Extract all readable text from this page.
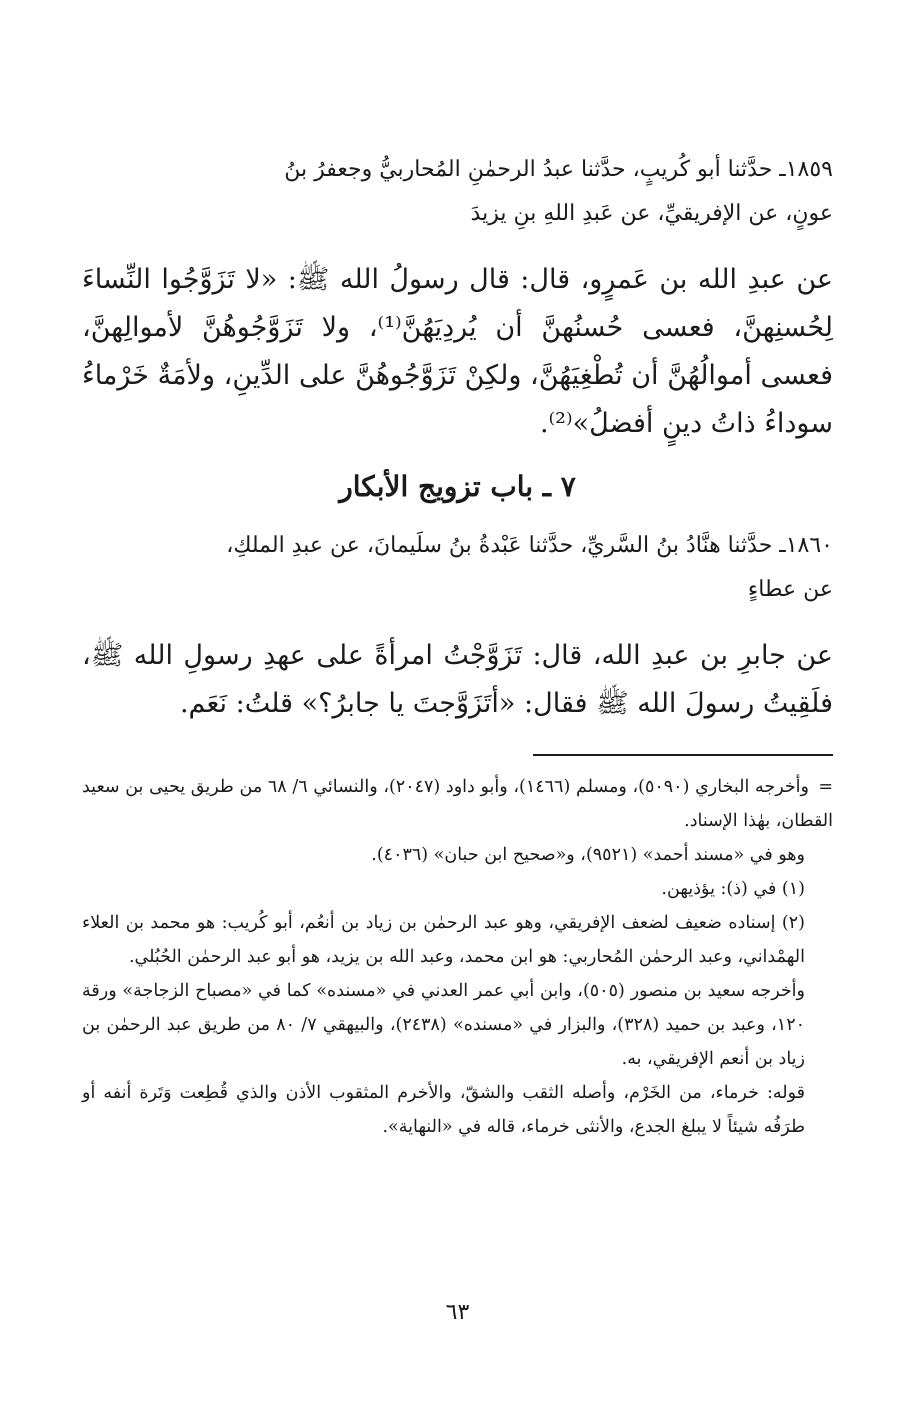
١٨٥٩ـ حدَّثنا أبو كُريبٍ، حدَّثنا عبدُ الرحمٰنِ المُحاربيُّ وجعفرُ بنُ
عونٍ، عن الإفريقيِّ، عن عَبدِ اللهِ بنِ يزيدَ

عن عبدِ الله بن عَمرٍو، قال: قال رسولُ الله ﷺ: «لا تَزَوَّجُوا النِّساءَ لِحُسنِهنَّ، فعسى حُسنُهنَّ أن يُردِيَهُنَّ⁽¹⁾، ولا تَزَوَّجُوهُنَّ لأموالِهنَّ، فعسى أموالُهُنَّ أن تُطْغِيَهُنَّ، ولكِنْ تَزَوَّجُوهُنَّ على الدِّينِ، ولأمَةٌ خَرْماءُ سوداءُ ذاتُ دينٍ أفضلُ»⁽²⁾.

٧ ـ باب تزويج الأبكار

١٨٦٠ـ حدَّثنا هنَّادُ بنُ السَّريِّ، حدَّثنا عَبْدةُ بنُ سلَيمانَ، عن عبدِ الملكِ،
عن عطاءٍ

عن جابرِ بن عبدِ الله، قال: تَزَوَّجْتُ امرأةً على عهدِ رسولِ الله ﷺ، فلَقِيتُ رسولَ الله ﷺ فقال: «أتَزَوَّجتَ يا جابرُ؟» قلتُ: نَعَم.

=وأخرجه البخاري (٥٠٩٠)، ومسلم (١٤٦٦)، وأبو داود (٢٠٤٧)، والنسائي ٦/ ٦٨ من طريق يحيى بن سعيد القطان، بهٰذا الإسناد.

وهو في «مسند أحمد» (٩٥٢١)، و«صحيح ابن حبان» (٤٠٣٦).

(١) في (ذ): يؤذيهن.

(٢) إسناده ضعيف لضعف الإفريقي، وهو عبد الرحمٰن بن زياد بن أنعُم، أبو كُريب: هو محمد بن العلاء الهمْداني، وعبد الرحمٰن المُحاربي: هو ابن محمد، وعبد الله بن يزيد، هو أبو عبد الرحمٰن الحُبُلي.

وأخرجه سعيد بن منصور (٥٠٥)، وابن أبي عمر العدني في «مسنده» كما في «مصباح الزجاجة» ورقة ١٢٠، وعبد بن حميد (٣٢٨)، والبزار في «مسنده» (٢٤٣٨)، والبيهقي ٧/ ٨٠ من طريق عبد الرحمٰن بن زياد بن أنعم الإفريقي، به.

قوله: خرماء، من الخَرْم، وأصله الثقب والشقّ، والأخرم المثقوب الأذن والذي قُطِعت وَتَرة أنفه أو طرَفُه شيئاً لا يبلغ الجدع، والأنثى خرماء، قاله في «النهاية».

٦٣
